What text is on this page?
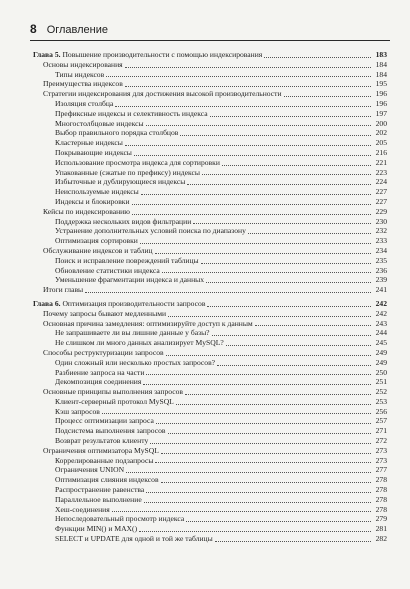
8 Оглавление
Глава 5. Повышение производительности с помощью индексирования	183
Основы индексирования	184
Типы индексов	184
Преимущества индексов	195
Стратегии индексирования для достижения высокой производительности	196
Изоляция столбца	196
Префиксные индексы и селективность индекса	197
Многостолбцовые индексы	200
Выбор правильного порядка столбцов	202
Кластерные индексы	205
Покрывающие индексы	216
Использование просмотра индекса для сортировки	221
Упакованные (сжатые по префиксу) индексы	223
Избыточные и дублирующиеся индексы	224
Неиспользуемые индексы	227
Индексы и блокировки	227
Кейсы по индексированию	229
Поддержка нескольких видов фильтрации	230
Устранение дополнительных условий поиска по диапазону	232
Оптимизация сортировки	233
Обслуживание индексов и таблиц	234
Поиск и исправление повреждений таблицы	235
Обновление статистики индекса	236
Уменьшение фрагментации индекса и данных	239
Итоги главы	241
Глава 6. Оптимизация производительности запросов	242
Почему запросы бывают медленными	242
Основная причина замедления: оптимизируйте доступ к данным	243
Не запрашиваете ли вы лишние данные у базы?	244
Не слишком ли много данных анализирует MySQL?	245
Способы реструктуризации запросов	249
Один сложный или несколько простых запросов?	249
Разбиение запроса на части	250
Декомпозиция соединения	251
Основные принципы выполнения запросов	252
Клиент-серверный протокол MySQL	253
Кэш запросов	256
Процесс оптимизации запроса	257
Подсистема выполнения запросов	271
Возврат результатов клиенту	272
Ограничения оптимизатора MySQL	273
Коррелированные подзапросы	273
Ограничения UNION	277
Оптимизация слияния индексов	278
Распространение равенства	278
Параллельное выполнение	278
Хеш-соединения	278
Непоследовательный просмотр индекса	279
Функции MIN() и MAX()	281
SELECT и UPDATE для одной и той же таблицы	282
